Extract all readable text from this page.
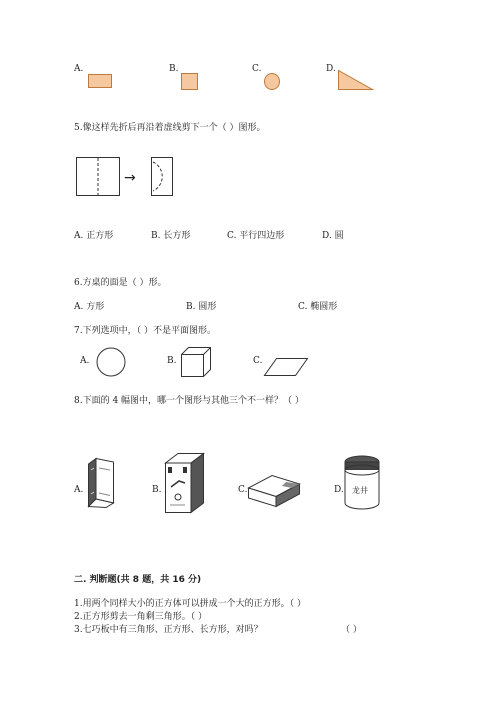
A.	B.	C.	D.
5.像这样先折后再沿着虚线剪下一个（ ）图形。
→
A. 正方形	B. 长方形	C. 平行四边形	D. 圆
6.方桌的面是（ ）形。
A. 方形	B. 圆形	C. 椭圆形
7.下列选项中，（ ）不是平面图形。
A.	B.	C.
8.下面的 4 幅图中，哪一个图形与其他三个不一样？（ ）
A.	B.	C.	D. 龙井
二. 判断题(共 8 题，共 16 分)
1.用两个同样大小的正方体可以拼成一个大的正方形。（ ）
2.正方形剪去一角剩三角形。（ ）
3.七巧板中有三角形、正方形、长方形，对吗？	（ ）
